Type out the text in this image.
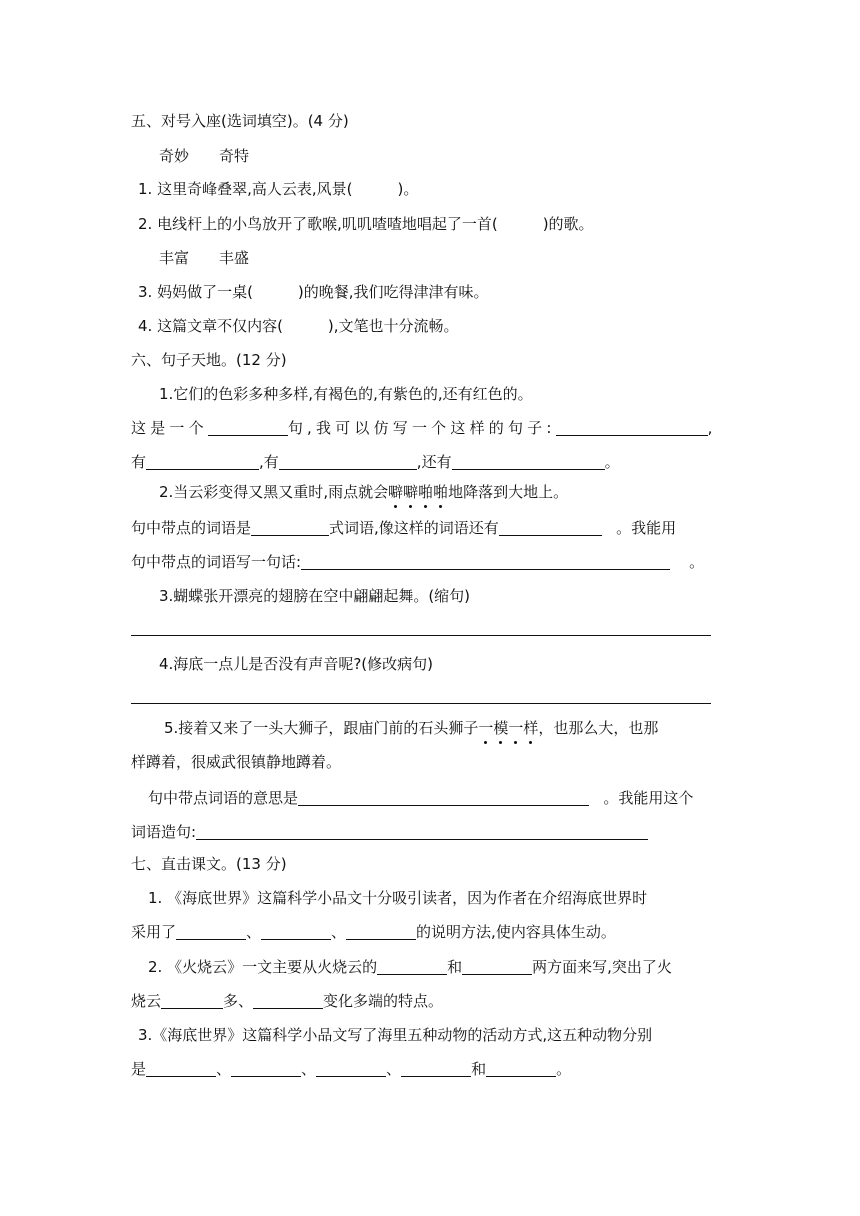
五、对号入座(选词填空)。(4 分)
奇妙　　奇特
1. 这里奇峰叠翠,高人云表,风景(　　　)。
2. 电线杆上的小鸟放开了歌喉,叽叽喳喳地唱起了一首(　　　)的歌。
丰富　　丰盛
3. 妈妈做了一桌(　　　)的晚餐,我们吃得津津有味。
4. 这篇文章不仅内容(　　　),文笔也十分流畅。
六、句子天地。(12 分)
1.它们的色彩多种多样,有褐色的,有紫色的,还有红色的。
这是一个	句,我可以仿写一个这样的句子:	,
有	,有	,还有	。
2.当云彩变得又黑又重时,雨点就会噼噼啪啪地降落到大地上。
句中带点的词语是	式词语,像这样的词语还有	。我能用
句中带点的词语写一句话:	。
3.蝴蝶张开漂亮的翅膀在空中翩翩起舞。(缩句)
4.海底一点儿是否没有声音呢?(修改病句)
5.接着又来了一头大狮子，跟庙门前的石头狮子一模一样，也那么大，也那
样蹲着，很威武很镇静地蹲着。
句中带点词语的意思是	。我能用这个
词语造句:
七、直击课文。(13 分)
1. 《海底世界》这篇科学小品文十分吸引读者，因为作者在介绍海底世界时
采用了	、	、	的说明方法,使内容具体生动。
2. 《火烧云》一文主要从火烧云的	和	两方面来写,突出了火
烧云	多、	变化多端的特点。
3.《海底世界》这篇科学小品文写了海里五种动物的活动方式,这五种动物分别
是	、	、	、	和	。
